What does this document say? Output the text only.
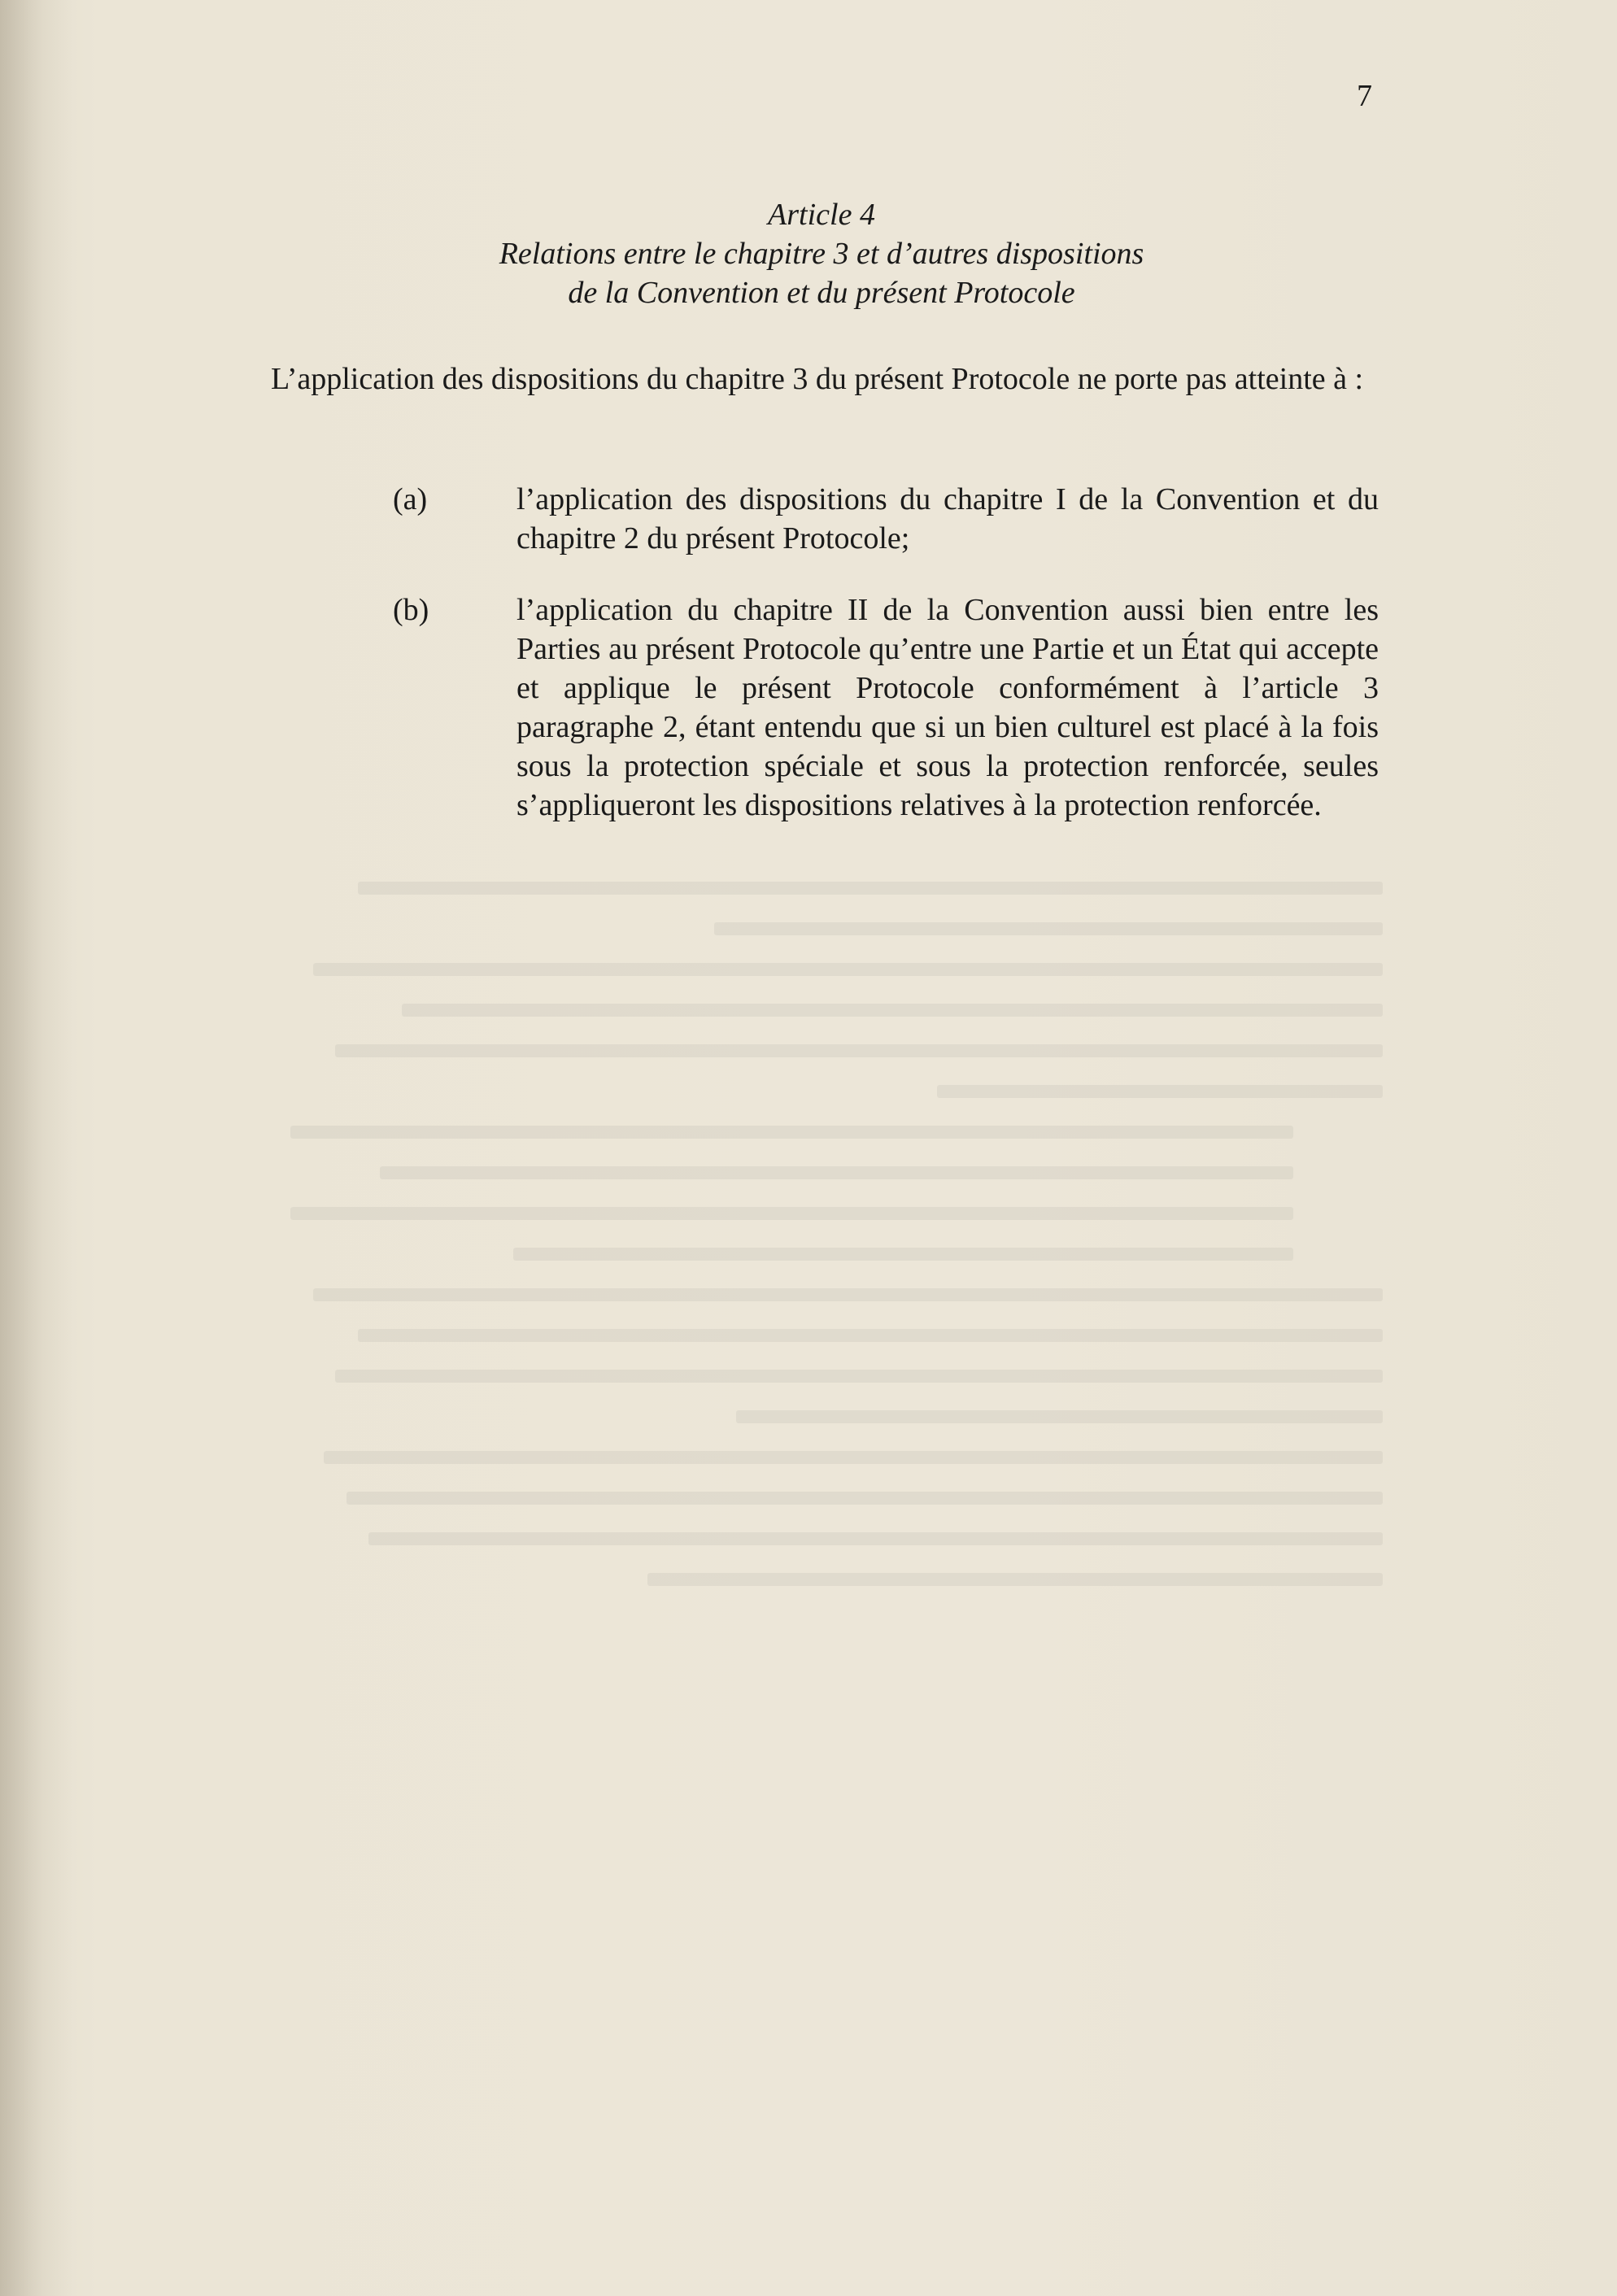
7
Article 4
Relations entre le chapitre 3 et d’autres dispositions
de la Convention et du présent Protocole

L’application des dispositions du chapitre 3 du présent Protocole ne porte pas atteinte à :

(a)	l’application des dispositions du chapitre I de la Convention et du chapitre 2 du présent Protocole;
(b)	l’application du chapitre II de la Convention aussi bien entre les Parties au présent Protocole qu’entre une Partie et un État qui accepte et applique le présent Protocole conformément à l’article 3 paragraphe 2, étant entendu que si un bien culturel est placé à la fois sous la protection spéciale et sous la protection renforcée, seules s’appliqueront les dispositions relatives à la protection renforcée.
